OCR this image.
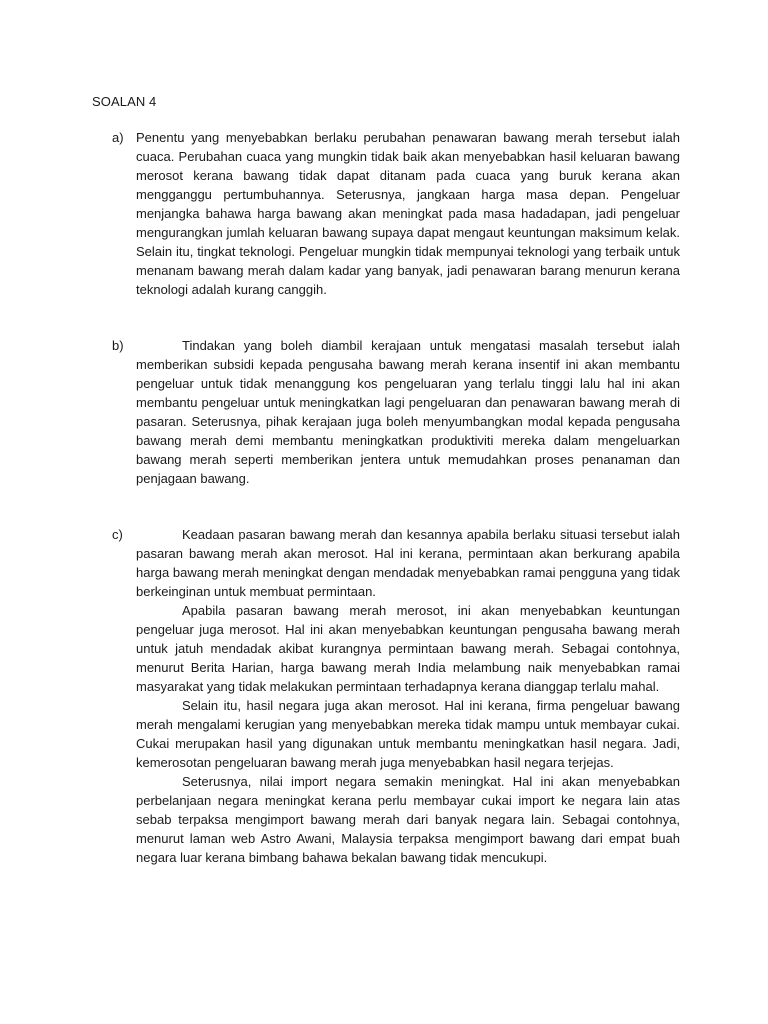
SOALAN 4
a) Penentu yang menyebabkan berlaku perubahan penawaran bawang merah tersebut ialah cuaca. Perubahan cuaca yang mungkin tidak baik akan menyebabkan hasil keluaran bawang merosot kerana bawang tidak dapat ditanam pada cuaca yang buruk kerana akan mengganggu pertumbuhannya. Seterusnya, jangkaan harga masa depan. Pengeluar menjangka bahawa harga bawang akan meningkat pada masa hadadapan, jadi pengeluar mengurangkan jumlah keluaran bawang supaya dapat mengaut keuntungan maksimum kelak. Selain itu, tingkat teknologi. Pengeluar mungkin tidak mempunyai teknologi yang terbaik untuk menanam bawang merah dalam kadar yang banyak, jadi penawaran barang menurun kerana teknologi adalah kurang canggih.

b)	Tindakan yang boleh diambil kerajaan untuk mengatasi masalah tersebut ialah memberikan subsidi kepada pengusaha bawang merah kerana insentif ini akan membantu pengeluar untuk tidak menanggung kos pengeluaran yang terlalu tinggi lalu hal ini akan membantu pengeluar untuk meningkatkan lagi pengeluaran dan penawaran bawang merah di pasaran. Seterusnya, pihak kerajaan juga boleh menyumbangkan modal kepada pengusaha bawang merah demi membantu meningkatkan produktiviti mereka dalam mengeluarkan bawang merah seperti memberikan jentera untuk memudahkan proses penanaman dan penjagaan bawang.

c)	Keadaan pasaran bawang merah dan kesannya apabila berlaku situasi tersebut ialah pasaran bawang merah akan merosot. Hal ini kerana, permintaan akan berkurang apabila harga bawang merah meningkat dengan mendadak menyebabkan ramai pengguna yang tidak berkeinginan untuk membuat permintaan.

Apabila pasaran bawang merah merosot, ini akan menyebabkan keuntungan pengeluar juga merosot. Hal ini akan menyebabkan keuntungan pengusaha bawang merah untuk jatuh mendadak akibat kurangnya permintaan bawang merah. Sebagai contohnya, menurut Berita Harian, harga bawang merah India melambung naik menyebabkan ramai masyarakat yang tidak melakukan permintaan terhadapnya kerana dianggap terlalu mahal.

Selain itu, hasil negara juga akan merosot. Hal ini kerana, firma pengeluar bawang merah mengalami kerugian yang menyebabkan mereka tidak mampu untuk membayar cukai. Cukai merupakan hasil yang digunakan untuk membantu meningkatkan hasil negara. Jadi, kemerosotan pengeluaran bawang merah juga menyebabkan hasil negara terjejas.

Seterusnya, nilai import negara semakin meningkat. Hal ini akan menyebabkan perbelanjaan negara meningkat kerana perlu membayar cukai import ke negara lain atas sebab terpaksa mengimport bawang merah dari banyak negara lain. Sebagai contohnya, menurut laman web Astro Awani, Malaysia terpaksa mengimport bawang dari empat buah negara luar kerana bimbang bahawa bekalan bawang tidak mencukupi.
